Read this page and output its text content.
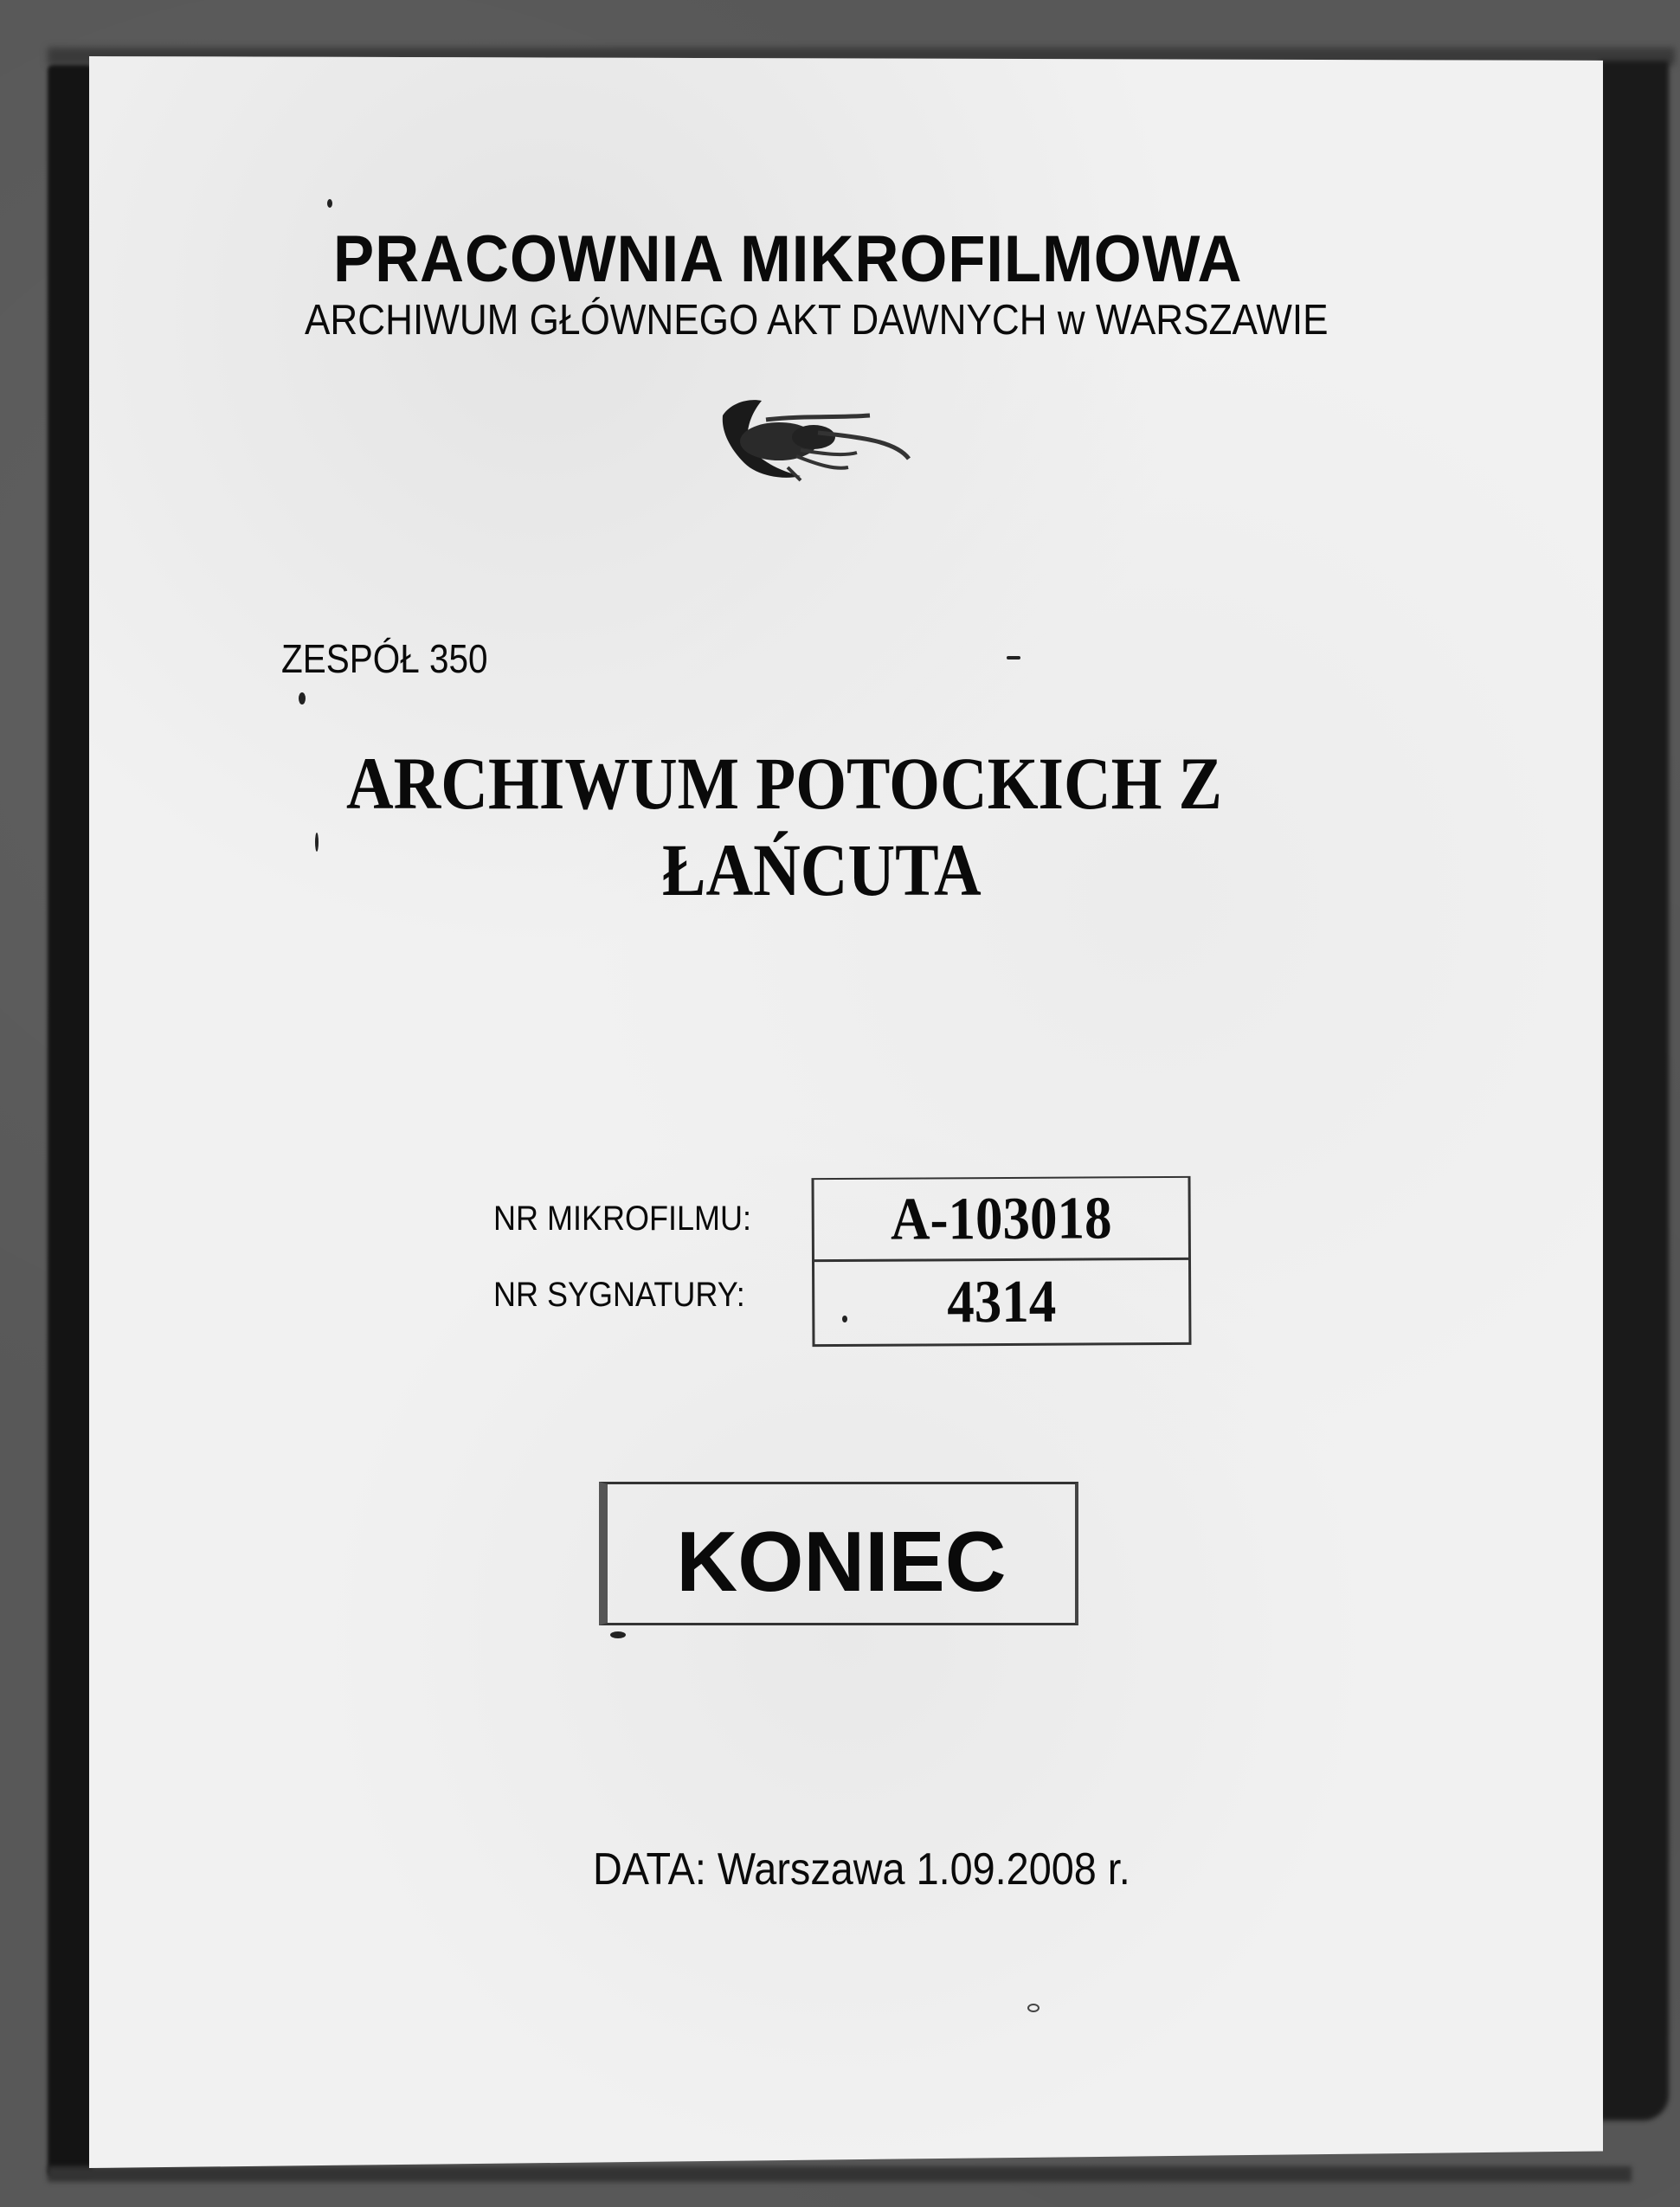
PRACOWNIA MIKROFILMOWA
ARCHIWUM GŁÓWNEGO AKT DAWNYCH w WARSZAWIE
ZESPÓŁ 350
ARCHIWUM POTOCKICH Z
ŁAŃCUTA
NR MIKROFILMU:
NR SYGNATURY:
A-103018
4314
KONIEC
DATA: Warszawa 1.09.2008 r.
